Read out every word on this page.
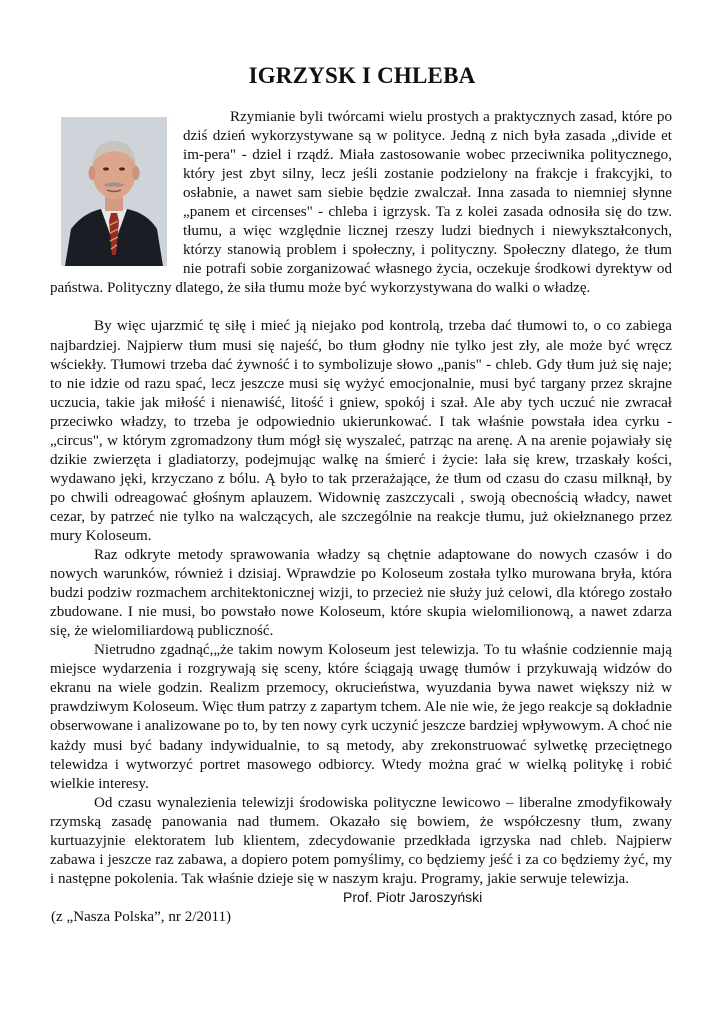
IGRZYSK I CHLEBA

Rzymianie byli twórcami wielu prostych a praktycznych zasad, które po dziś dzień wykorzystywane są w polityce. Jedną z nich była zasada „divide et im-pera" - dziel i rządź. Miała zastosowanie wobec przeciwnika politycznego, który jest zbyt silny, lecz jeśli zostanie podzielony na frakcje i frakcyjki, to osłabnie, a nawet sam siebie będzie zwalczał. Inna zasada to niemniej słynne „panem et circenses" - chleba i igrzysk. Ta z kolei zasada odnosiła się do tzw. tłumu, a więc względnie licznej rzeszy ludzi biednych i niewykształconych, którzy stanowią problem i społeczny, i polityczny. Społeczny dlatego, że tłum nie potrafi sobie zorganizować własnego życia, oczekuje środkowi dyrektyw od państwa. Polityczny dlatego, że siła tłumu może być wykorzystywana do walki o władzę.

By więc ujarzmić tę siłę i mieć ją niejako pod kontrolą, trzeba dać tłumowi to, o co zabiega najbardziej. Najpierw tłum musi się najeść, bo tłum głodny nie tylko jest zły, ale może być wręcz wściekły. Tłumowi trzeba dać żywność i to symbolizuje słowo „panis" - chleb. Gdy tłum już się naje; to nie idzie od razu spać, lecz jeszcze musi się wyżyć emocjonalnie, musi być targany przez skrajne uczucia, takie jak miłość i nienawiść, litość i gniew, spokój i szał. Ale aby tych uczuć nie zwracał przeciwko władzy, to trzeba je odpowiednio ukierunkować. I tak właśnie powstała idea cyrku - „circus", w którym zgromadzony tłum mógł się wyszaleć, patrząc na arenę. A na arenie pojawiały się dzikie zwierzęta i gladiatorzy, podejmując walkę na śmierć i życie: lała się krew, trzaskały kości, wydawano jęki, krzyczano z bólu. Ą było to tak przerażające, że tłum od czasu do czasu milknął, by po chwili odreagować głośnym aplauzem. Widownię zaszczycali , swoją obecnością władcy, nawet cezar, by patrzeć nie tylko na walczących, ale szczególnie na reakcje tłumu, już okiełznanego przez mury Koloseum.

Raz odkryte metody sprawowania władzy są chętnie adaptowane do nowych czasów i do nowych warunków, również i dzisiaj. Wprawdzie po Koloseum została tylko murowana bryła, która budzi podziw rozmachem architektonicznej wizji, to przecież nie służy już celowi, dla którego zostało zbudowane. I nie musi, bo powstało nowe Koloseum, które skupia wielomilionową, a nawet zdarza się, że wielomiliardową publiczność.

Nietrudno zgadnąć,„że takim nowym Koloseum jest telewizja. To tu właśnie codziennie mają miejsce wydarzenia i rozgrywają się sceny, które ściągają uwagę tłumów i przykuwają widzów do ekranu na wiele godzin. Realizm przemocy, okrucieństwa, wyuzdania bywa nawet większy niż w prawdziwym Koloseum. Więc tłum patrzy z zapartym tchem. Ale nie wie, że jego reakcje są dokładnie obserwowane i analizowane po to, by ten nowy cyrk uczynić jeszcze bardziej wpływowym. A choć nie każdy musi być badany indywidualnie, to są metody, aby zrekonstruować sylwetkę przeciętnego telewidza i wytworzyć portret masowego odbiorcy. Wtedy można grać w wielką politykę i robić wielkie interesy.

Od czasu wynalezienia telewizji środowiska polityczne lewicowo – liberalne zmodyfikowały rzymską zasadę panowania nad tłumem. Okazało się bowiem, że współczesny tłum, zwany kurtuazyjnie elektoratem lub klientem, zdecydowanie przedkłada igrzyska nad chleb. Najpierw zabawa i jeszcze raz zabawa, a dopiero potem pomyślimy, co będziemy jeść i za co będziemy żyć, my i następne pokolenia. Tak właśnie dzieje się w naszym kraju. Programy, jakie serwuje telewizja.

Prof. Piotr Jaroszyński
(z „Nasza Polska”, nr 2/2011)
